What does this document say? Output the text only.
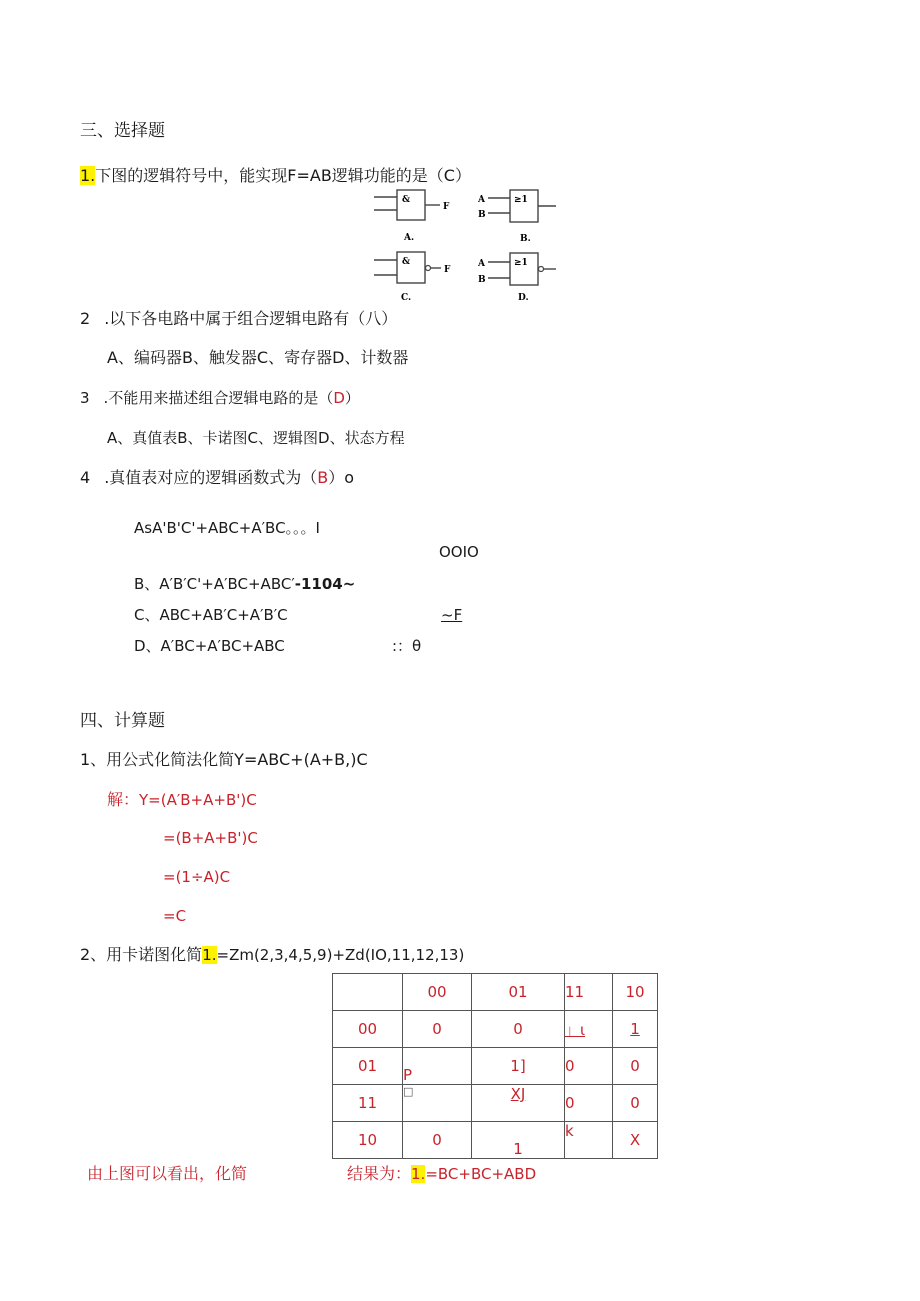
三、选择题
1.下图的逻辑符号中，能实现F=AB逻辑功能的是（C）
&
F
A.
A
B
≥1
B.
&
F
C.
A
B
≥1
D.
2 .以下各电路中属于组合逻辑电路有（八）
A、编码器B、触发器C、寄存器D、计数器
3 .不能用来描述组合逻辑电路的是（D）
A、真值表B、卡诺图C、逻辑图D、状态方程
4 .真值表对应的逻辑函数式为（B）o
AsA'B'C'+ABC+A′BC。。。I
OOIO
B、A′B′C'+A′BC+ABC′-1104~
C、ABC+AB′C+A′B′C	~F
D、A′BC+A′BC+ABC	:：θ
四、计算题
1、用公式化简法化简Y=ABC+(A+B,)C
解：Y=(A′B+A+B')C
=(B+A+B')C
=(1÷A)C
=C
2、用卡诺图化简1.=Zm(2,3,4,5,9)+Zd(IO,11,12,13)
	00	01	11	10
00	0	0	」ι	1
01	P	1]	0	0
11	□	XJ	0	0
10	0	1	k	X
由上图可以看出，化简	结果为：1.=BC+BC+ABD
